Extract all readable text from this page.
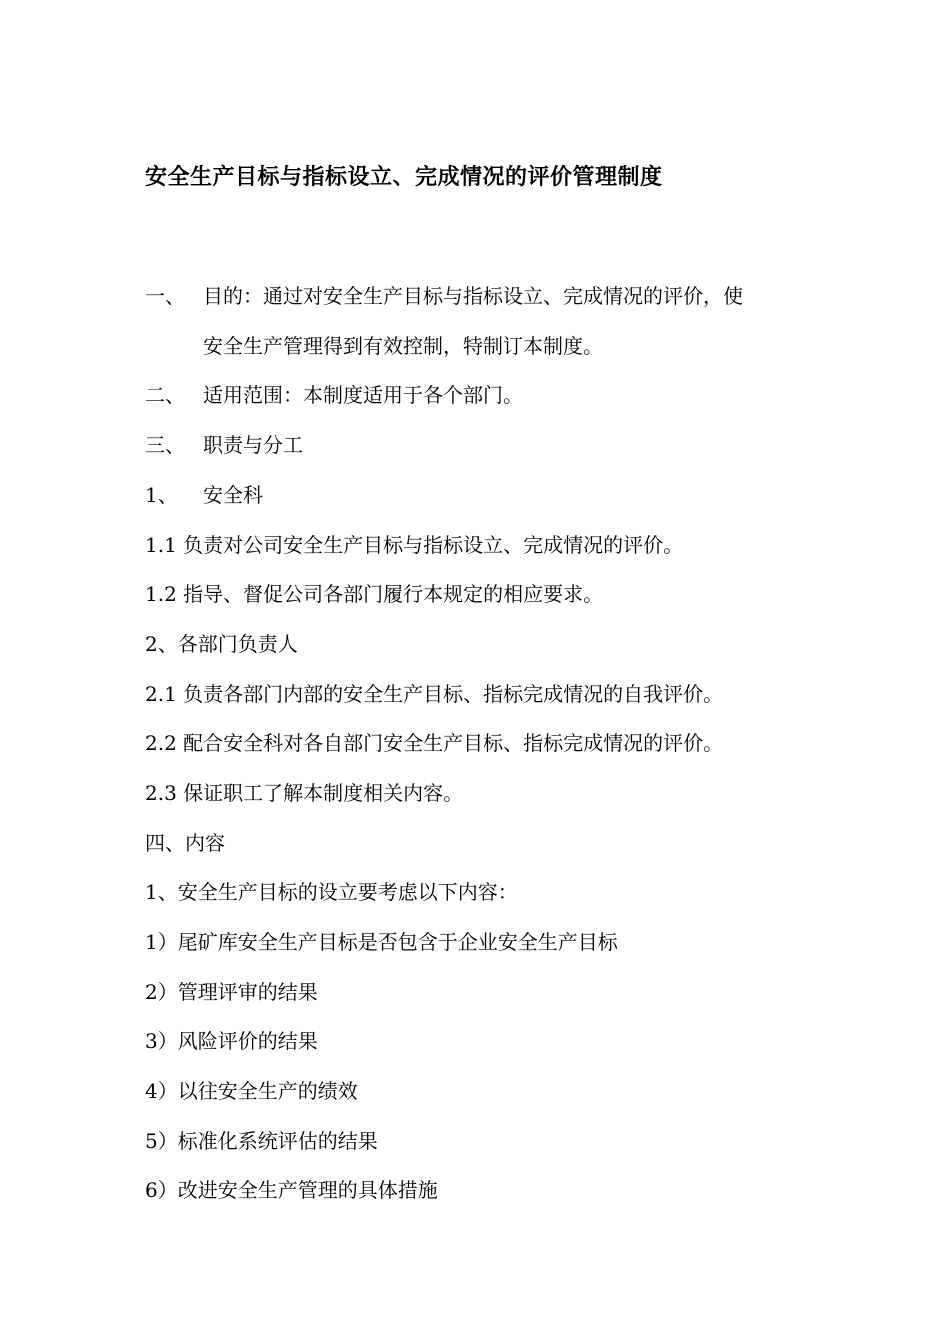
安全生产目标与指标设立、完成情况的评价管理制度
一、 目的：通过对安全生产目标与指标设立、完成情况的评价，使
安全生产管理得到有效控制，特制订本制度。
二、 适用范围：本制度适用于各个部门。
三、 职责与分工
1、 安全科
1.1 负责对公司安全生产目标与指标设立、完成情况的评价。
1.2 指导、督促公司各部门履行本规定的相应要求。
2、各部门负责人
2.1 负责各部门内部的安全生产目标、指标完成情况的自我评价。
2.2 配合安全科对各自部门安全生产目标、指标完成情况的评价。
2.3 保证职工了解本制度相关内容。
四、内容
1、安全生产目标的设立要考虑以下内容：
1）尾矿库安全生产目标是否包含于企业安全生产目标
2）管理评审的结果
3）风险评价的结果
4）以往安全生产的绩效
5）标准化系统评估的结果
6）改进安全生产管理的具体措施
